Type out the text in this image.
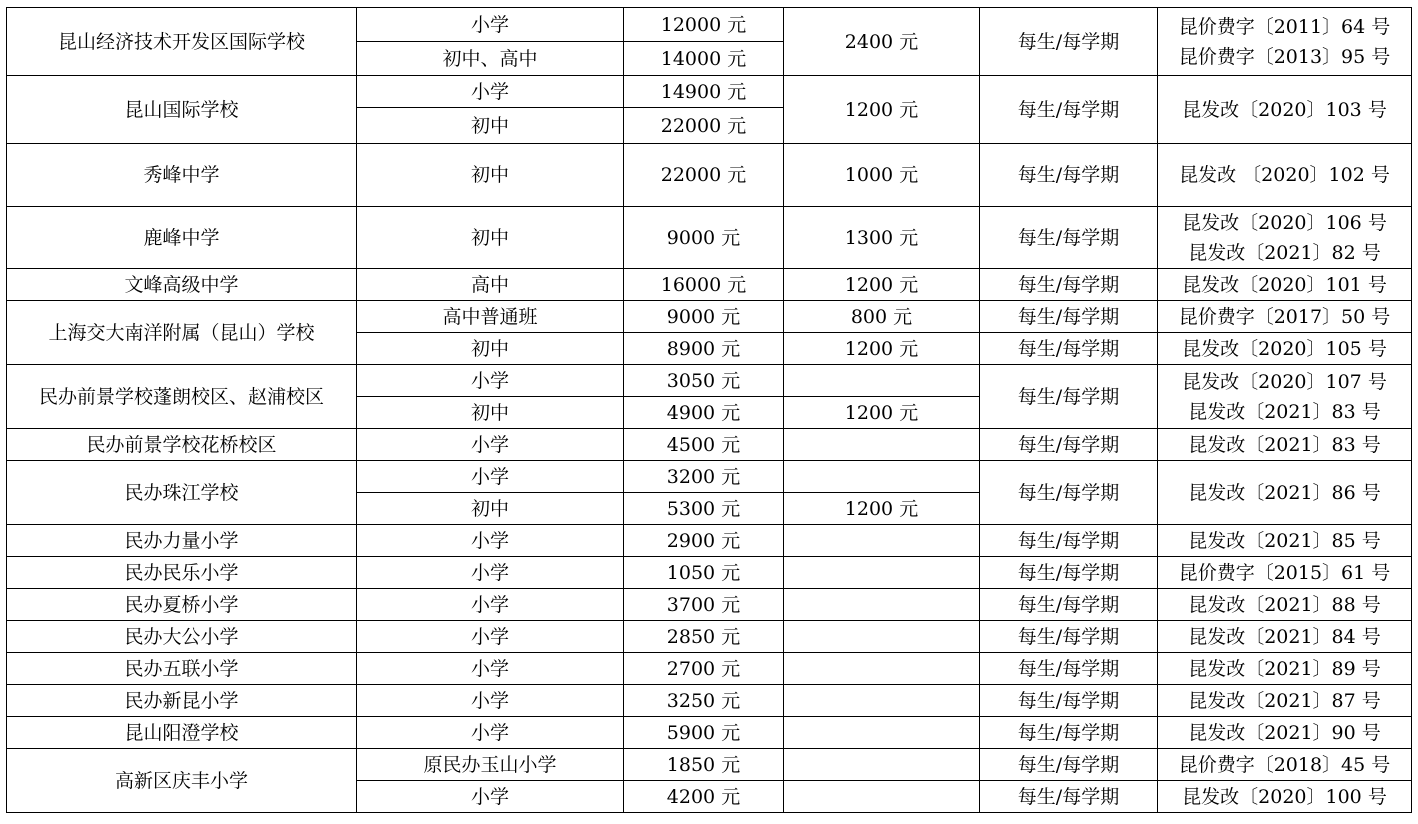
昆山经济技术开发区国际学校	小学	12000 元	2400 元	每生/每学期	昆价费字〔2011〕64 号
昆价费字〔2013〕95 号

	初中、高中	14000 元			
昆山国际学校	小学	14900 元	1200 元	每生/每学期	昆发改〔2020〕103 号

	初中	22000 元			
秀峰中学	初中	22000 元	1000 元	每生/每学期	昆发改 〔2020〕102 号

鹿峰中学	初中	9000 元	1300 元	每生/每学期	昆发改〔2020〕106 号
昆发改〔2021〕82 号

文峰高级中学	高中	16000 元	1200 元	每生/每学期	昆发改〔2020〕101 号

上海交大南洋附属（昆山）学校	高中普通班	9000 元	800 元	每生/每学期	昆价费字〔2017〕50 号

	初中	8900 元	1200 元	每生/每学期	昆发改〔2020〕105 号

民办前景学校蓬朗校区、赵浦校区	小学	3050 元		每生/每学期	昆发改〔2020〕107 号
昆发改〔2021〕83 号

	初中	4900 元	1200 元		
民办前景学校花桥校区	小学	4500 元		每生/每学期	昆发改〔2021〕83 号

民办珠江学校	小学	3200 元		每生/每学期	昆发改〔2021〕86 号

	初中	5300 元	1200 元		
民办力量小学	小学	2900 元		每生/每学期	昆发改〔2021〕85 号

民办民乐小学	小学	1050 元		每生/每学期	昆价费字〔2015〕61 号

民办夏桥小学	小学	3700 元		每生/每学期	昆发改〔2021〕88 号

民办大公小学	小学	2850 元		每生/每学期	昆发改〔2021〕84 号

民办五联小学	小学	2700 元		每生/每学期	昆发改〔2021〕89 号

民办新昆小学	小学	3250 元		每生/每学期	昆发改〔2021〕87 号

昆山阳澄学校	小学	5900 元		每生/每学期	昆发改〔2021〕90 号

高新区庆丰小学	原民办玉山小学	1850 元		每生/每学期	昆价费字〔2018〕45 号

	小学	4200 元		每生/每学期	昆发改〔2020〕100 号
